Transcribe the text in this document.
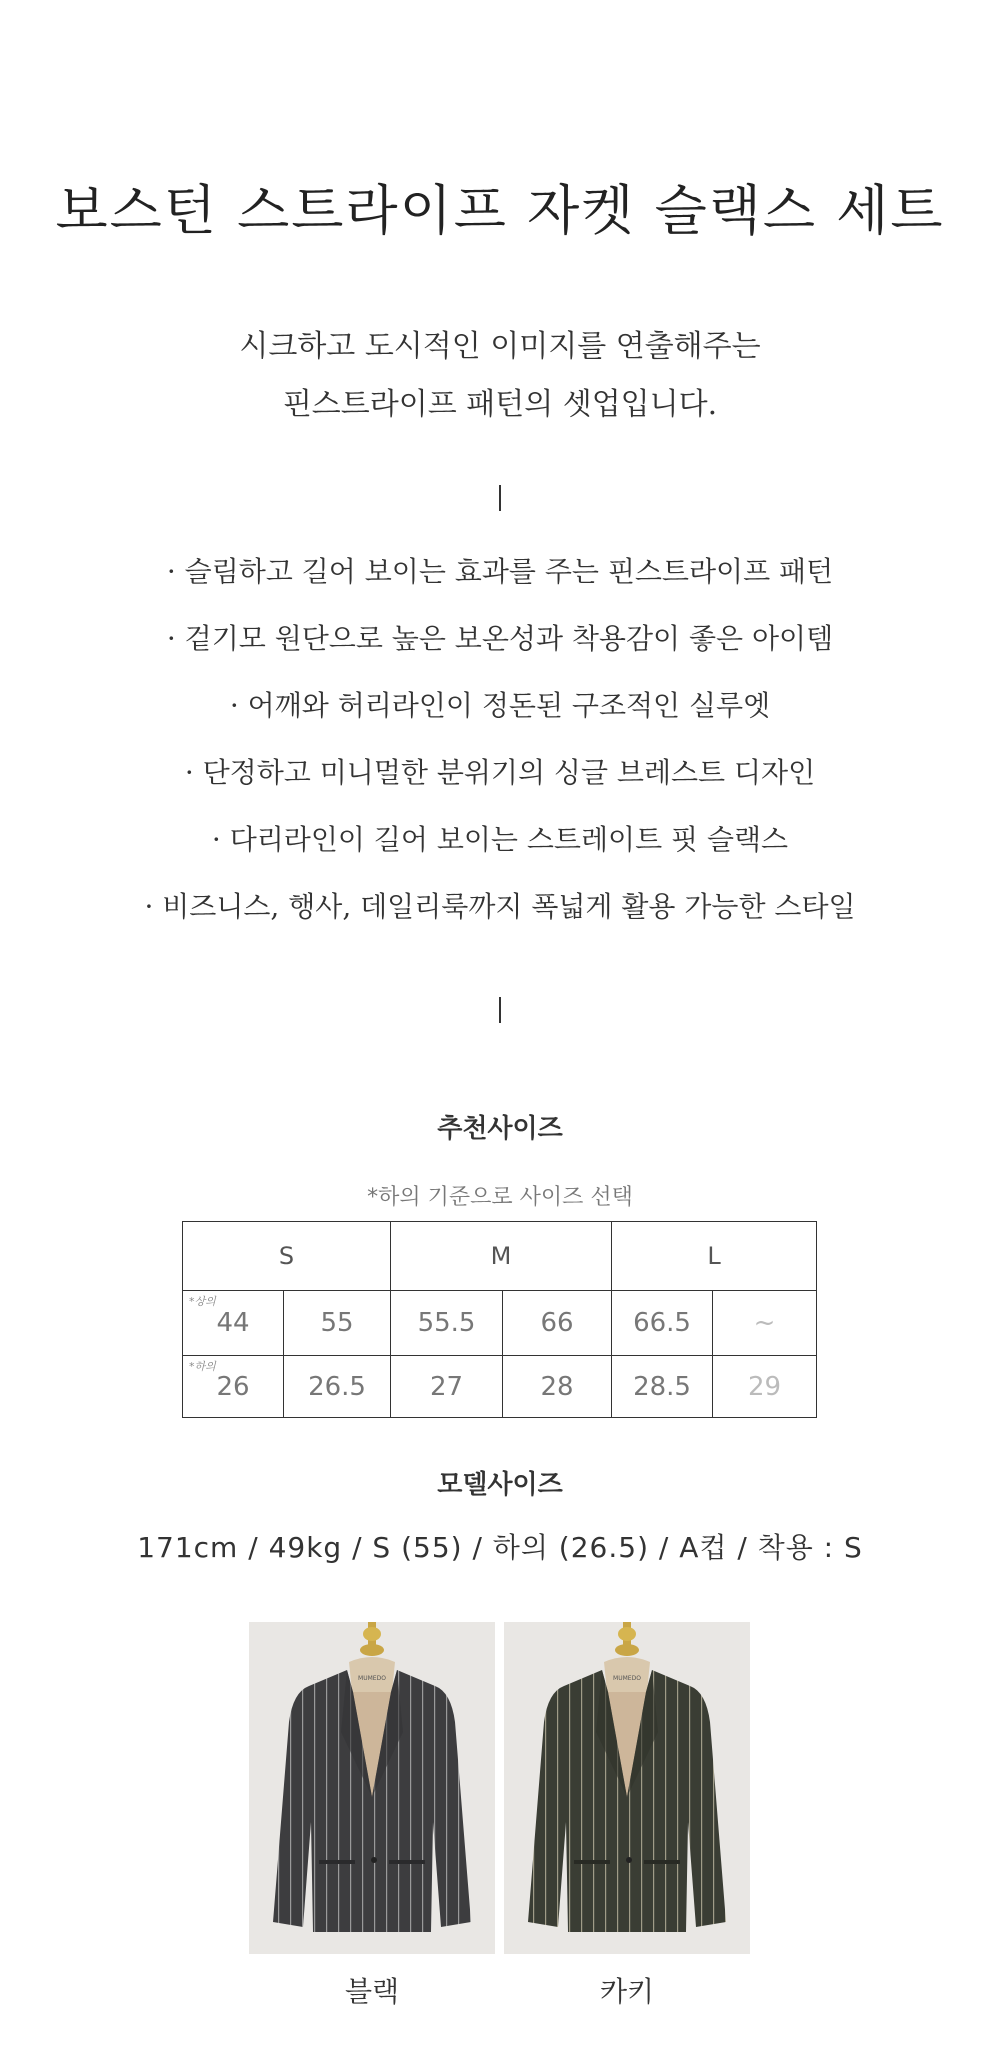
보스턴 스트라이프 자켓 슬랙스 세트
시크하고 도시적인 이미지를 연출해주는
핀스트라이프 패턴의 셋업입니다.
· 슬림하고 길어 보이는 효과를 주는 핀스트라이프 패턴
· 겉기모 원단으로 높은 보온성과 착용감이 좋은 아이템
· 어깨와 허리라인이 정돈된 구조적인 실루엣
· 단정하고 미니멀한 분위기의 싱글 브레스트 디자인
· 다리라인이 길어 보이는 스트레이트 핏 슬랙스
· 비즈니스, 행사, 데일리룩까지 폭넓게 활용 가능한 스타일
추천사이즈
*하의 기준으로 사이즈 선택
S		M		L	

*상의
44	55	55.5	66	66.5	~

*하의
26	26.5	27	28	28.5	29
모델사이즈
171cm / 49kg / S (55) / 하의 (26.5) / A컵 / 착용 : S
MUMEDO	MUMEDO
블랙	카키
